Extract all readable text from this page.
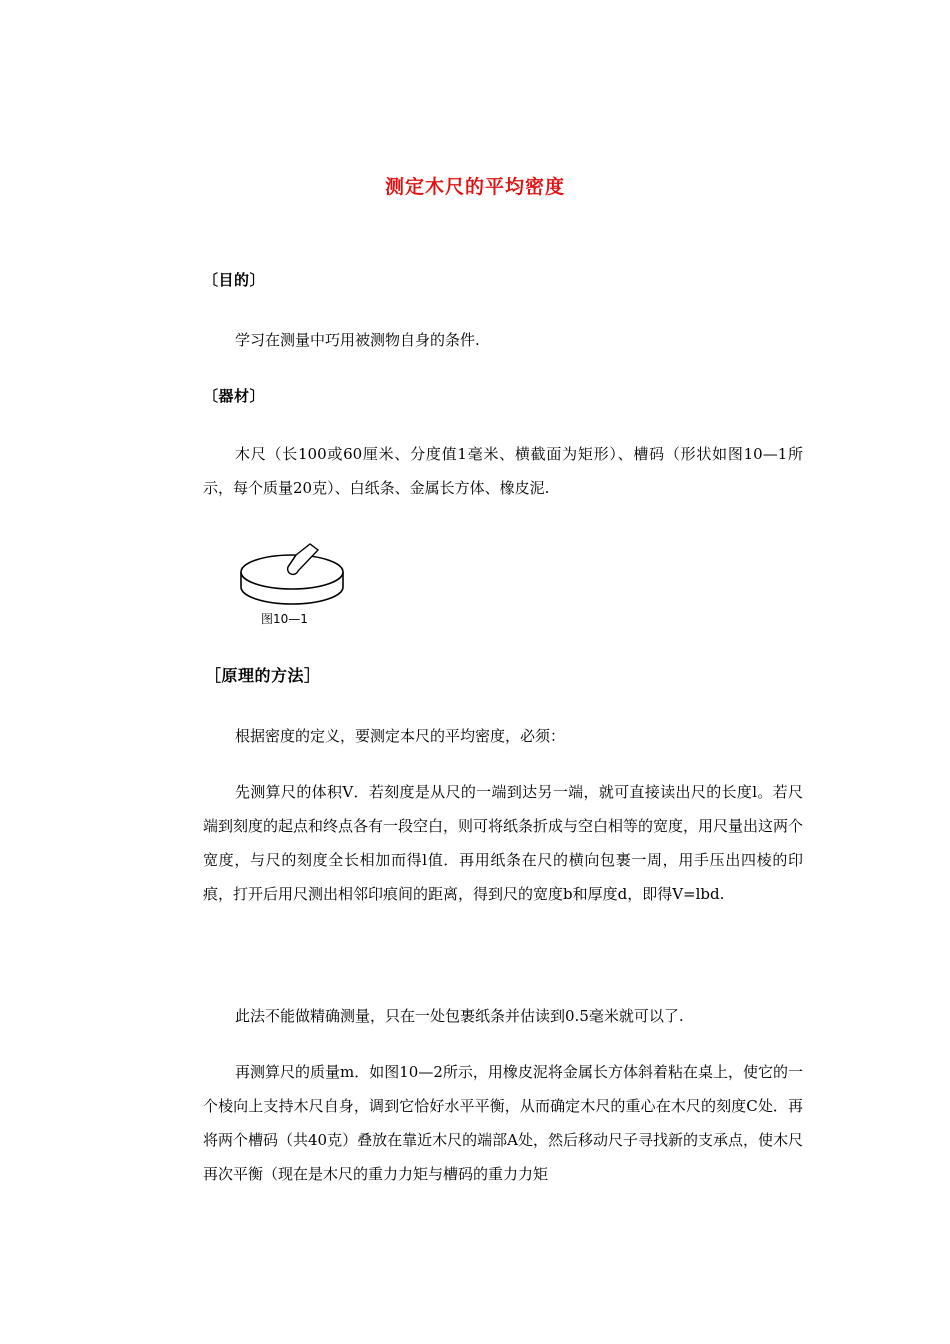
测定木尺的平均密度
〔目的〕
学习在测量中巧用被测物自身的条件.
〔器材〕
木尺（长100或60厘米、分度值1毫米、横截面为矩形）、槽码（形状如图10—1所示，每个质量20克）、白纸条、金属长方体、橡皮泥.
图10—1
［原理的方法］
根据密度的定义，要测定本尺的平均密度，必须：
先测算尺的体积V．若刻度是从尺的一端到达另一端，就可直接读出尺的长度l。若尺端到刻度的起点和终点各有一段空白，则可将纸条折成与空白相等的宽度，用尺量出这两个宽度，与尺的刻度全长相加而得l值．再用纸条在尺的横向包裹一周，用手压出四棱的印痕，打开后用尺测出相邻印痕间的距离，得到尺的宽度b和厚度d，即得V=lbd.
此法不能做精确测量，只在一处包裹纸条并估读到0.5毫米就可以了.
再测算尺的质量m．如图10—2所示，用橡皮泥将金属长方体斜着粘在桌上，使它的一个棱向上支持木尺自身，调到它恰好水平平衡，从而确定木尺的重心在木尺的刻度C处．再将两个槽码（共40克）叠放在靠近木尺的端部A处，然后移动尺子寻找新的支承点，使木尺再次平衡（现在是木尺的重力力矩与槽码的重力力矩
